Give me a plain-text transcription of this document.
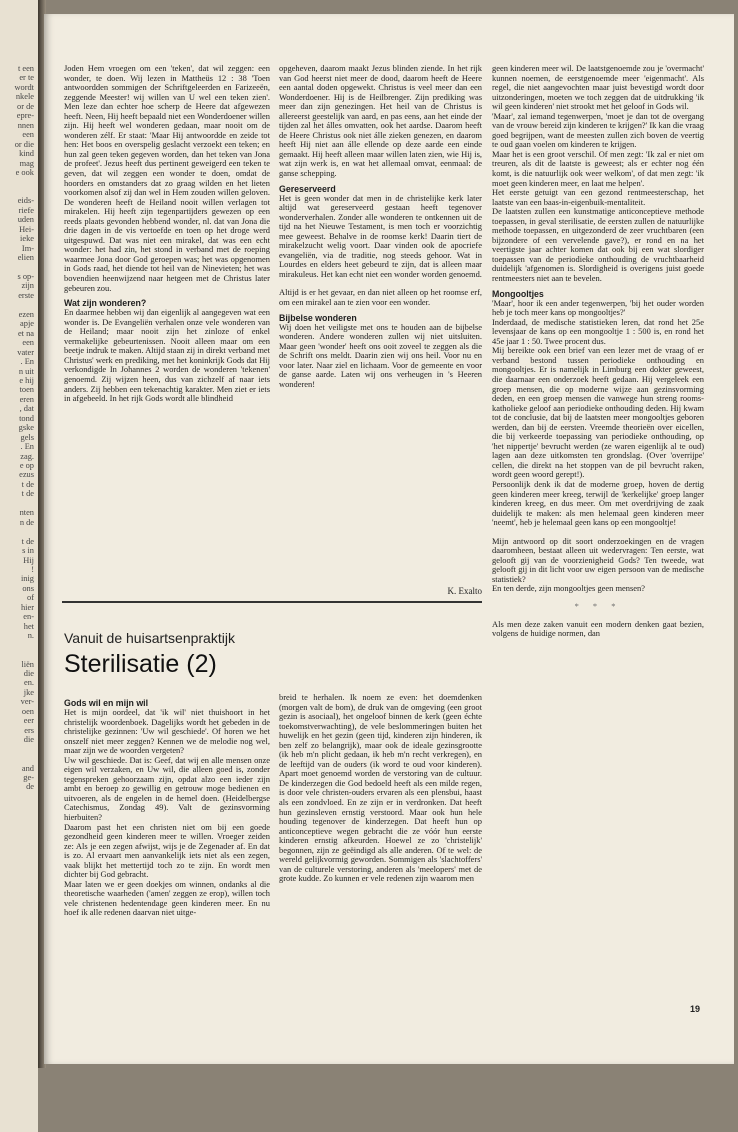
t een
er te
wordt
nkele
or de
epre-
nnen
een
or die
kind
mag
e ook

eids-
riefe
uden
Hei-
ieke
Im-
elien

s op-
zijn
erste

ezen
apje
et na
een
vater
. En
n uit
e hij
toen
eren
, dat
tond
gske
gels
. En
zag.
e op
ezus
t de
t de

nten
n de

t de
s in
Hij
!
inig
ons
of
hier
en-
het
n.

liën
die
en.
jke
ver-
oen
eer
ers
die

and
ge-
de

Joden Hem vroegen om een 'teken', dat wil zeggen: een wonder, te doen. Wij lezen in Mattheüs 12 : 38 'Toen antwoordden sommigen der Schriftgeleerden en Farizeeën, zeggende Meester! wij willen van U wel een teken zien'. Men leze dan echter hoe scherp de Heere dat afgewezen heeft. Neen, Hij heeft bepaald niet een Wonderdoener willen zijn. Hij heeft wel wonderen gedaan, maar nooit om de wonderen zélf. Er staat: 'Maar Hij antwoordde en zeide tot hen: Het boos en overspelig geslacht verzoekt een teken; en hun zal geen teken gegeven worden, dan het teken van Jona de profeet'. Jezus heeft dus pertinent geweigerd een teken te geven, dat wil zeggen een wonder te doen, omdat de hoorders en omstanders dat zo graag wilden en het lieten voorkomen alsof zij dan wel in Hem zouden willen geloven. De wonderen heeft de Heiland nooit willen verlagen tot mirakelen. Hij heeft zijn tegenpartijders gewezen op een reeds plaats gevonden hebbend wonder, nl. dat van Jona die drie dagen in de vis vertoefde en toen op het droge werd uitgespuwd. Dat was niet een mirakel, dat was een echt wonder: het had zin, het stond in verband met de roeping waarmee Jona door God geroepen was; het was opgenomen in Gods raad, het diende tot heil van de Ninevieten; het was bovendien heenwijzend naar hetgeen met de Christus later gebeuren zou.

Wat zijn wonderen?

En daarmee hebben wij dan eigenlijk al aangegeven wat een wonder is. De Evangeliën verhalen onze vele wonderen van de Heiland; maar nooit zijn het zinloze of enkel vermakelijke gebeurtenissen. Nooit alleen maar om een beetje indruk te maken. Altijd staan zij in direkt verband met Christus' werk en prediking, met het koninkrijk Gods dat Hij verkondigde In Johannes 2 worden de wonderen 'tekenen' genoemd. Zij wijzen heen, dus van zichzelf af naar iets anders. Zij hebben een tekenachtig karakter. Men ziet er iets in afgebeeld. In het rijk Gods wordt alle blindheid

opgeheven, daarom maakt Jezus blinden ziende. In het rijk van God heerst niet meer de dood, daarom heeft de Heere een aantal doden opgewekt. Christus is veel meer dan een Wonderdoener. Hij is de Heilbrenger. Zijn prediking was meer dan zijn genezingen. Het heil van de Christus is allereerst geestelijk van aard, en pas eens, aan het einde der tijden zal het álles omvatten, ook het aardse. Daarom heeft de Heere Christus ook niet álle zieken genezen, en daarom heeft Hij niet aan álle ellende op deze aarde een einde gemaakt. Hij heeft alleen maar willen laten zien, wie Hij is, wat zijn werk is, en wat het allemaal omvat, eenmaal: de ganse schepping.

Gereserveerd

Het is geen wonder dat men in de christelijke kerk later altijd wat gereserveerd gestaan heeft tegenover wonderverhalen. Zonder alle wonderen te ontkennen uit de tijd na het Nieuwe Testament, is men toch er voorzichtig mee geweest. Behalve in de roomse kerk! Daarin tiert de mirakelzucht welig voort. Daar vinden ook de apocriefe evangeliën, via de traditie, nog steeds gehoor. Wat in Lourdes en elders heet gebeurd te zijn, dat is alleen maar mirakuleus. Het kan echt niet een wonder worden genoemd.

Altijd is er het gevaar, en dan niet alleen op het roomse erf, om een mirakel aan te zien voor een wonder.

Bijbelse wonderen

Wij doen het veiligste met ons te houden aan de bijbelse wonderen. Andere wonderen zullen wij niet uitsluiten. Maar geen 'wonder' heeft ons ooit zoveel te zeggen als die de Schrift ons meldt. Daarin zien wij ons heil. Voor nu en voor later. Naar ziel en lichaam. Voor de gemeente en voor de ganse aarde. Laten wij ons verheugen in 's Heeren wonderen!

K. Exalto

geen kinderen meer wil. De laatstgenoemde zou je 'overmacht' kunnen noemen, de eerstgenoemde meer 'eigenmacht'. Als regel, die niet aangevochten maar juist bevestigd wordt door uitzonderingen, moeten we toch zeggen dat de uitdrukking 'ik wil geen kinderen' niet strookt met het geloof in Gods wil.

'Maar', zal iemand tegenwerpen, 'moet je dan tot de overgang van de vrouw bereid zijn kinderen te krijgen?' Ik kan die vraag goed begrijpen, want de meesten zullen zich boven de veertig te oud gaan voelen om kinderen te krijgen.

Maar het is een groot verschil. Of men zegt: 'Ik zal er niet om treuren, als dit de laatste is geweest; als er echter nog één komt, is die natuurlijk ook weer welkom', of dat men zegt: 'ik moet geen kinderen meer, en laat me helpen'.

Het eerste getuigt van een gezond rentmeesterschap, het laatste van een baas-in-eigenbuik-mentaliteit.

De laatsten zullen een kunstmatige anticonceptieve methode toepassen, in geval sterilisatie, de eersten zullen de natuurlijke methode toepassen, en uitgezonderd de zeer vruchtbaren (een bijzondere of een vervelende gave?), er rond en na het veertigste jaar achter komen dat ook bij een wat slordiger toepassen van de periodieke onthouding de vruchtbaarheid duidelijk 'afgenomen is. Slordigheid is overigens juist goede rentmeesters niet aan te bevelen.

Mongooltjes

'Maar', hoor ik een ander tegenwerpen, 'bij het ouder worden heb je toch meer kans op mongooltjes?'

Inderdaad, de medische statistieken leren, dat rond het 25e levensjaar de kans op een mongooltje 1 : 500 is, en rond het 45e jaar 1 : 50. Twee procent dus.

Mij bereikte ook een brief van een lezer met de vraag of er verband bestond tussen periodieke onthouding en mongooltjes. Er is namelijk in Limburg een dokter geweest, die daarnaar een onderzoek heeft gedaan. Hij vergeleek een groep mensen, die op moderne wijze aan gezinsvorming deden, en een groep mensen die vanwege hun streng rooms-katholieke geloof aan periodieke onthouding deden. Hij kwam tot de conclusie, dat bij de laatsten meer mongooltjes geboren werden, dan bij de eersten. Vreemde theorieën over eicellen, die bij verkeerde toepassing van periodieke onthouding, op 'het nippertje' bevrucht werden (ze waren eigenlijk al te oud) lagen aan deze uitkomsten ten grondslag. (Over 'overrijpe' cellen, die direkt na het stoppen van de pil bevrucht raken, wordt geen woord gerept!).

Persoonlijk denk ik dat de moderne groep, hoven de dertig geen kinderen meer kreeg, terwijl de 'kerkelijke' groep langer kinderen kreeg, en dus meer. Om met overdrijving de zaak duidelijk te maken: als men helemaal geen kinderen meer 'neemt', heb je helemaal geen kans op een mongooltje!

Mijn antwoord op dit soort onderzoekingen en de vragen daaromheen, bestaat alleen uit wedervragen: Ten eerste, wat gelooft gij van de voorzienigheid Gods? Ten tweede, wat gelooft gij in dit licht voor uw eigen persoon van de medische statistiek?

En ten derde, zijn mongooltjes geen mensen?

* * *

Als men deze zaken vanuit een modern denken gaat bezien, volgens de huidige normen, dan

Vanuit de huisartsenpraktijk
Sterilisatie (2)
Gods wil en mijn wil

Het is mijn oordeel, dat 'ik wil' niet thuishoort in het christelijk woordenboek. Dagelijks wordt het gebeden in de christelijke gezinnen: 'Uw wil geschiede'. Of horen we het onszelf niet meer zeggen? Kennen we de melodie nog wel, maar zijn we de woorden vergeten?

Uw wil geschiede. Dat is: Geef, dat wij en alle mensen onze eigen wil verzaken, en Uw wil, die alleen goed is, zonder tegenspreken gehoorzaam zijn, opdat alzo een ieder zijn ambt en beroep zo gewillig en getrouw moge bedienen en uitvoeren, als de engelen in de hemel doen. (Heidelbergse Catechismus, Zondag 49). Valt de gezinsvorming hierbuiten?

Daarom past het een christen niet om bij een goede gezondheid geen kinderen meer te willen. Vroeger zeiden ze: Als je een zegen afwijst, wijs je de Zegenader af. En dat is zo. Al ervaart men aanvankelijk iets niet als een zegen, vaak blijkt het mettertijd toch zo te zijn. En wordt men dichter bij God gebracht.

Maar laten we er geen doekjes om winnen, ondanks al die theoretische waarheden ('amen' zeggen ze erop), willen toch vele christenen hedentendage geen kinderen meer. En nu hoef ik alle redenen daarvan niet uitge-

breid te herhalen. Ik noem ze even: het doemdenken (morgen valt de bom), de druk van de omgeving (een groot gezin is asociaal), het ongeloof binnen de kerk (geen échte toekomstverwachting), de vele beslommeringen buiten het huwelijk en het gezin (geen tijd, kinderen zijn hinderen, ik ben zelf zo belangrijk), maar ook de ideale gezinsgrootte (ik heb m'n plicht gedaan, ik heb m'n recht verkregen), en de leeftijd van de ouders (ik word te oud voor kinderen). Apart moet genoemd worden de verstoring van de cultuur. De kinderzegen die God bedoeld heeft als een milde regen, is door vele christen-ouders ervaren als een plensbui, haast als een zondvloed. En ze zijn er in verdronken. Dat heeft hun gezinsleven ernstig verstoord. Maar ook hun hele houding tegenover de kinderzegen. Dat heeft hun op anticonceptieve wegen gebracht die ze vóór hun eerste kinderen ernstig afkeurden. Hoewel ze zo 'christelijk' begonnen, zijn ze geëindigd als alle anderen. Of te wel: de wereld gelijkvormig geworden. Sommigen als 'slachtoffers' van de culturele verstoring, anderen als 'meelopers' met de grote kudde. Zo kunnen er vele redenen zijn waarom men

19
